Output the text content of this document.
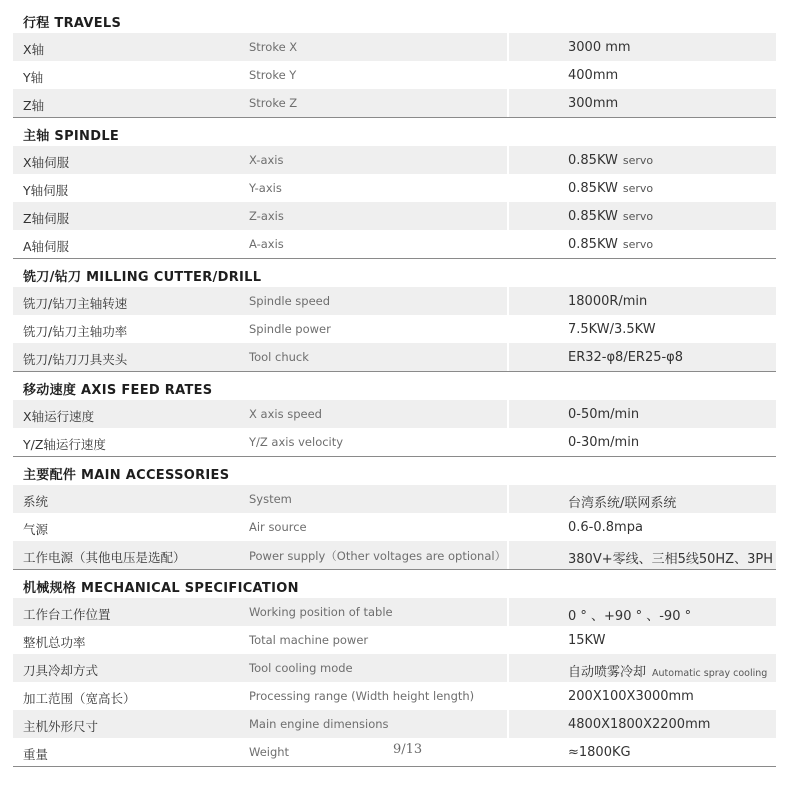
行程 TRAVELS
X轴	Stroke X	3000 mm
Y轴	Stroke Y	400mm
Z轴	Stroke Z	300mm
主轴 SPINDLE
X轴伺服	X-axis	0.85KW servo
Y轴伺服	Y-axis	0.85KW servo
Z轴伺服	Z-axis	0.85KW servo
A轴伺服	A-axis	0.85KW servo
铣刀/钻刀 MILLING CUTTER/DRILL
铣刀/钻刀主轴转速	Spindle speed	18000R/min
铣刀/钻刀主轴功率	Spindle power	7.5KW/3.5KW
铣刀/钻刀刀具夹头	Tool chuck	ER32-φ8/ER25-φ8
移动速度 AXIS FEED RATES
X轴运行速度	X axis speed	0-50m/min
Y/Z轴运行速度	Y/Z axis velocity	0-30m/min
主要配件 MAIN ACCESSORIES
系统	System	台湾系统/联网系统
气源	Air source	0.6-0.8mpa
工作电源（其他电压是选配）	Power supply（Other voltages are optional）	380V+零线、三相5线50HZ、3PH
机械规格 MECHANICAL SPECIFICATION
工作台工作位置	Working position of table	0 ° 、+90 ° 、-90 °
整机总功率	Total machine power	15KW
刀具冷却方式	Tool cooling mode	自动喷雾冷却 Automatic spray cooling
加工范围（宽高长）	Processing range (Width height length)	200X100X3000mm
主机外形尺寸	Main engine dimensions	4800X1800X2200mm
重量	Weight	≈1800KG
9/13
